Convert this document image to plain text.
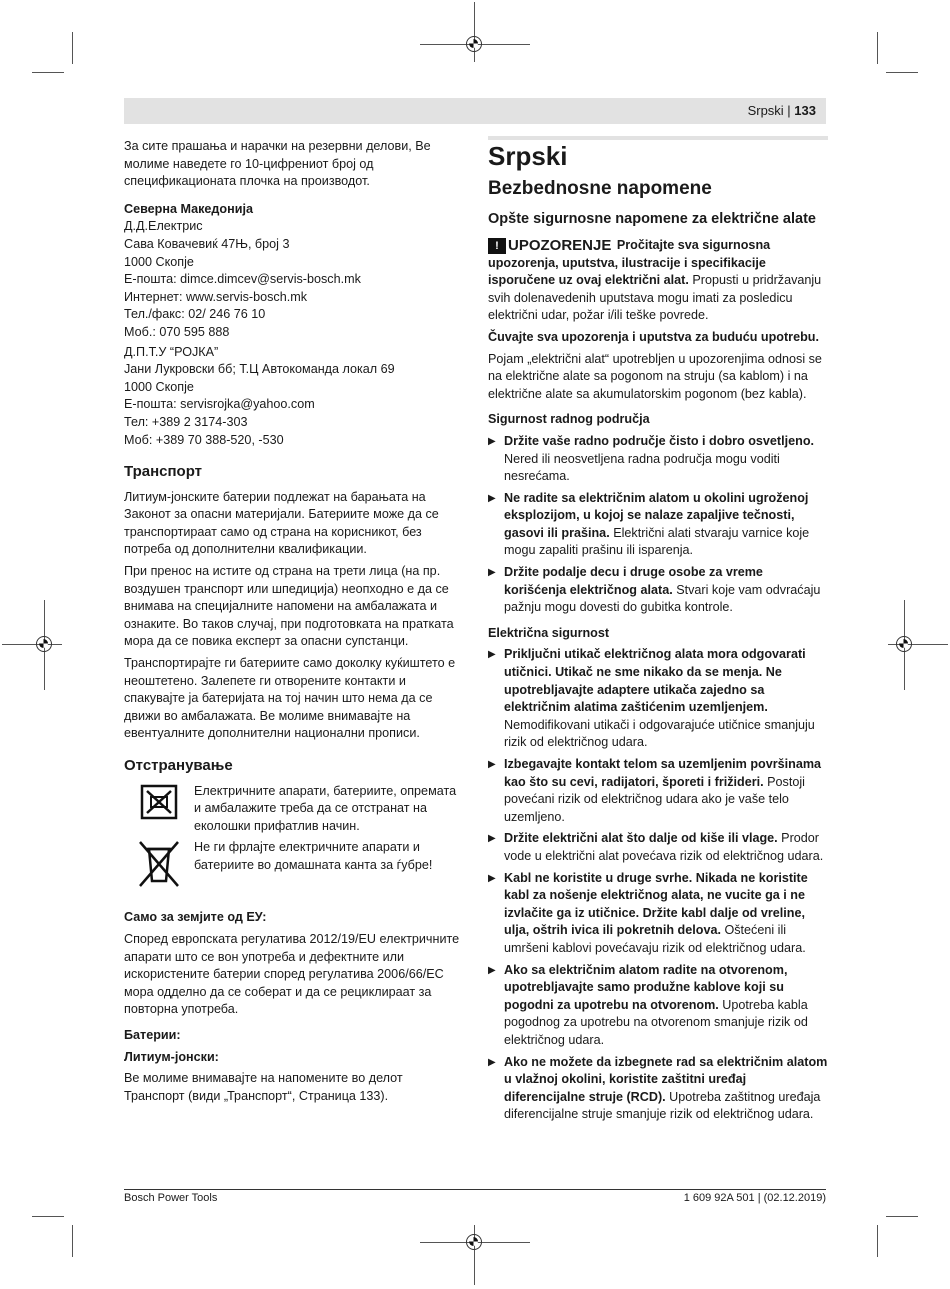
Srpski | 133

За сите прашања и нарачки на резервни делови, Ве молиме наведете го 10-цифрениот број од спецификационата плочка на производот.

Северна Македонија

Д.Д.Електрис
Сава Ковачевиќ 47Њ, број 3
1000 Скопје
E-пошта: dimce.dimcev@servis-bosch.mk
Интернет: www.servis-bosch.mk
Тел./факс: 02/ 246 76 10
Моб.: 070 595 888
Д.П.Т.У “РОЈКА”
Јани Лукровски бб; Т.Ц Автокоманда локал 69
1000 Скопје
E-пошта: servisrojka@yahoo.com
Тел: +389 2 3174-303
Моб: +389 70 388-520, -530
Транспорт

Литиум-јонските батерии подлежат на барањата на Законот за опасни материјали. Батериите може да се транспортираат само од страна на корисникот, без потреба од дополнителни квалификации.

При пренос на истите од страна на трети лица (на пр. воздушен транспорт или шпедиција) неопходно е да се внимава на специјалните напомени на амбалажата и ознаките. Во таков случај, при подготовката на пратката мора да се повика експерт за опасни супстанци.

Транспортирајте ги батериите само доколку куќиштето е неоштетено. Залепете ги отворените контакти и спакувајте ја батеријата на тој начин што нема да се движи во амбалажата. Ве молиме внимавајте на евентуалните дополнителни национални прописи.

Отстранување
Електричните апарати, батериите, опремата и амбалажите треба да се отстранат на еколошки прифатлив начин.
Не ги фрлајте електричните апарати и батериите во домашната канта за ѓубре!

Само за земјите од ЕУ:

Според европската регулатива 2012/19/EU електричните апарати што се вон употреба и дефектните или искористените батерии според регулатива 2006/66/EC мора одделно да се соберат и да се рециклираат за повторна употреба.

Батерии:

Литиум-јонски:

Ве молиме внимавајте на напомените во делот Транспорт (види „Транспорт“, Страница 133).

Srpski
Bezbednosne napomene
Opšte sigurnosne napomene za električne alate

! UPOZORENJE Pročitajte sva sigurnosna upozorenja, uputstva, ilustracije i specifikacije isporučene uz ovaj električni alat. Propusti u pridržavanju svih dolenavedenih uputstava mogu imati za posledicu električni udar, požar i/ili teške povrede.

Čuvajte sva upozorenja i uputstva za buduću upotrebu.

Pojam „električni alat“ upotrebljen u upozorenjima odnosi se na električne alate sa pogonom na struju (sa kablom) i na električne alate sa akumulatorskim pogonom (bez kabla).

Sigurnost radnog područja

▶ Držite vaše radno područje čisto i dobro osvetljeno. Nered ili neosvetljena radna područja mogu voditi nesrećama.
▶ Ne radite sa električnim alatom u okolini ugroženoj eksplozijom, u kojoj se nalaze zapaljive tečnosti, gasovi ili prašina. Električni alati stvaraju varnice koje mogu zapaliti prašinu ili isparenja.
▶ Držite podalje decu i druge osobe za vreme korišćenja električnog alata. Stvari koje vam odvraćaju pažnju mogu dovesti do gubitka kontrole.

Električna sigurnost

▶ Priključni utikač električnog alata mora odgovarati utičnici. Utikač ne sme nikako da se menja. Ne upotrebljavajte adaptere utikača zajedno sa električnim alatima zaštićenim uzemljenjem. Nemodifikovani utikači i odgovarajuće utičnice smanjuju rizik od električnog udara.
▶ Izbegavajte kontakt telom sa uzemljenim površinama kao što su cevi, radijatori, šporeti i frižideri. Postoji povećani rizik od električnog udara ako je vaše telo uzemljeno.
▶ Držite električni alat što dalje od kiše ili vlage. Prodor vode u električni alat povećava rizik od električnog udara.
▶ Kabl ne koristite u druge svrhe. Nikada ne koristite kabl za nošenje električnog alata, ne vucite ga i ne izvlačite ga iz utičnice. Držite kabl dalje od vreline, ulja, oštrih ivica ili pokretnih delova. Oštećeni ili umršeni kablovi povećavaju rizik od električnog udara.
▶ Ako sa električnim alatom radite na otvorenom, upotrebljavajte samo produžne kablove koji su pogodni za upotrebu na otvorenom. Upotreba kabla pogodnog za upotrebu na otvorenom smanjuje rizik od električnog udara.
▶ Ako ne možete da izbegnete rad sa električnim alatom u vlažnoj okolini, koristite zaštitni uređaj diferencijalne struje (RCD). Upotreba zaštitnog uređaja diferencijalne struje smanjuje rizik od električnog udara.
Bosch Power Tools	1 609 92A 501 | (02.12.2019)
